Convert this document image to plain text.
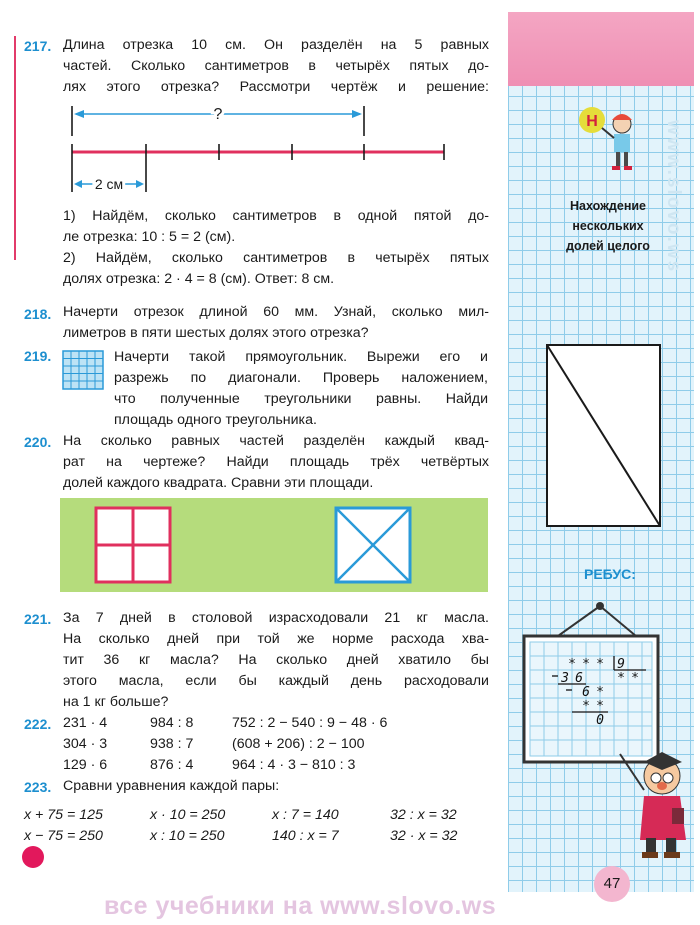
www.slovo.ws
Н
Нахождение
нескольких
долей целого
РЕБУС:
* * * 9
3 6	* *
6 *
* *
0
47
217. Длина отрезка 10 см. Он разделён на 5 равных
частей. Сколько сантиметров в четырёх пятых до-
лях этого отрезка? Рассмотри чертёж и решение:
?
2 см
1) Найдём, сколько сантиметров в одной пятой до-
ле отрезка: 10 : 5 = 2 (см).
2) Найдём, сколько сантиметров в четырёх пятых
долях отрезка: 2 · 4 = 8 (см). Ответ: 8 см.
218. Начерти отрезок длиной 60 мм. Узнай, сколько мил-
лиметров в пяти шестых долях этого отрезка?
219.	Начерти такой прямоугольник. Вырежи его и
разрежь по диагонали. Проверь наложением,
что полученные треугольники равны. Найди
площадь одного треугольника.
220. На сколько равных частей разделён каждый квад-
рат на чертеже? Найди площадь трёх четвёртых
долей каждого квадрата. Сравни эти площади.
221. За 7 дней в столовой израсходовали 21 кг масла.
На сколько дней при той же норме расхода хва-
тит 36 кг масла? На сколько дней хватило бы
этого масла, если бы каждый день расходовали
на 1 кг больше?
222. 231 · 4
304 · 3
129 · 6
984 : 8
938 : 7
876 : 4
752 : 2 − 540 : 9 − 48 · 6
(608 + 206) : 2 − 100
964 : 4 · 3 − 810 : 3
223. Сравни уравнения каждой пары:
x + 75 = 125
x − 75 = 250
x · 10 = 250
x : 10 = 250
x : 7 = 140
140 : x = 7
32 : x = 32
32 · x = 32
все учебники на www.slovo.ws
